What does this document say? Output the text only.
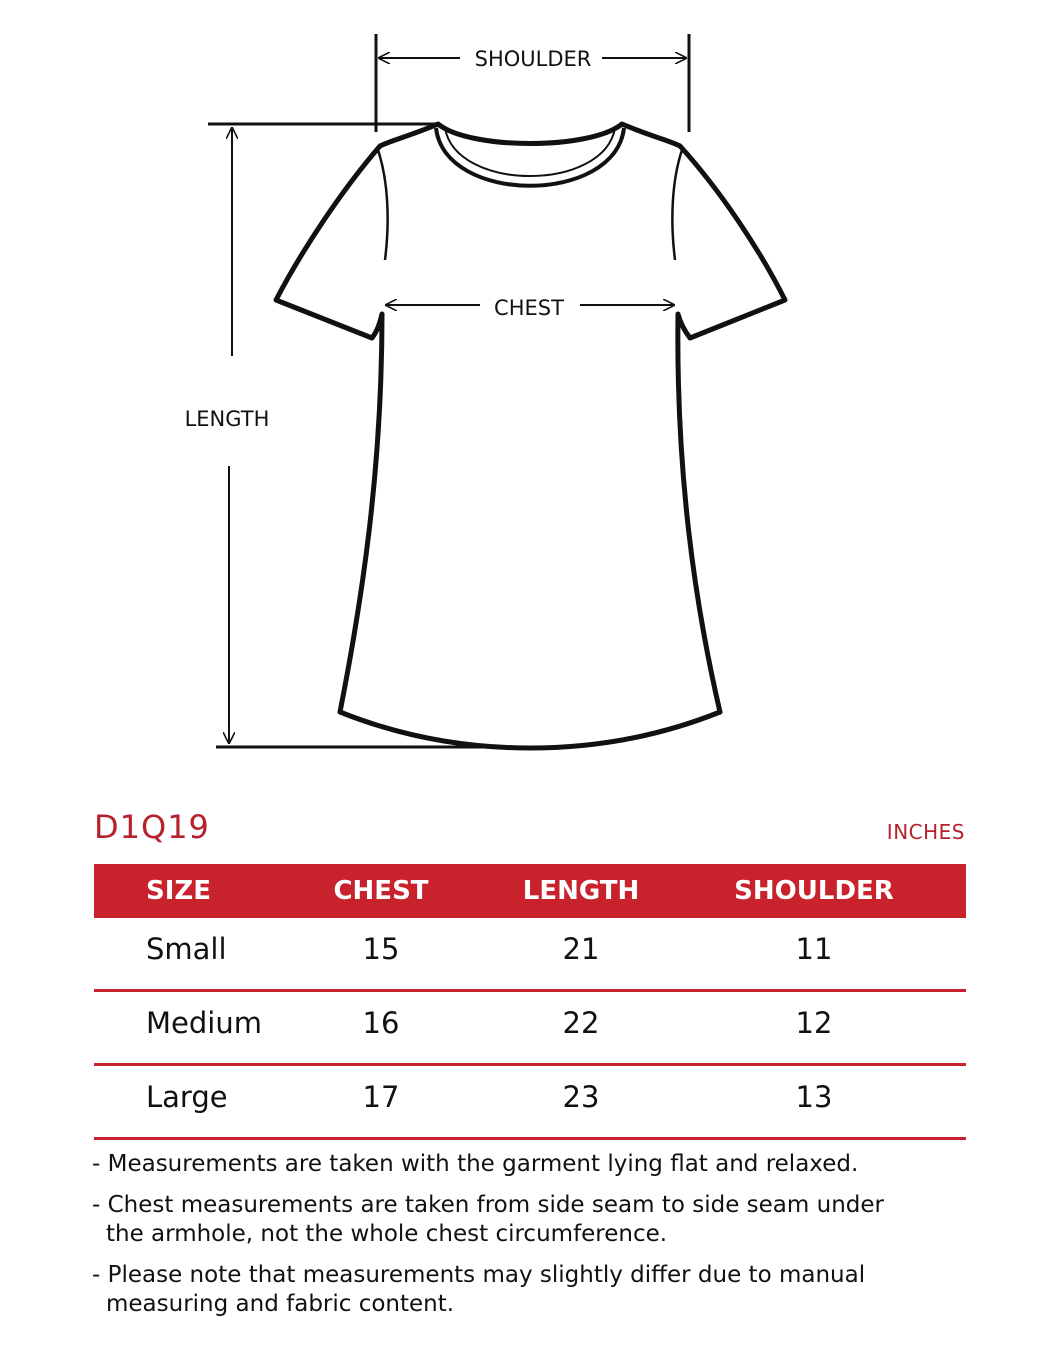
SHOULDER
CHEST
LENGTH
D1Q19	INCHES
SIZE	CHEST	LENGTH	SHOULDER
Small	15	21	11
Medium	16	22	12
Large	17	23	13

- Measurements are taken with the garment lying flat and relaxed.

- Chest measurements are taken from side seam to side seam under
the armhole, not the whole chest circumference.

- Please note that measurements may slightly differ due to manual
measuring and fabric content.
